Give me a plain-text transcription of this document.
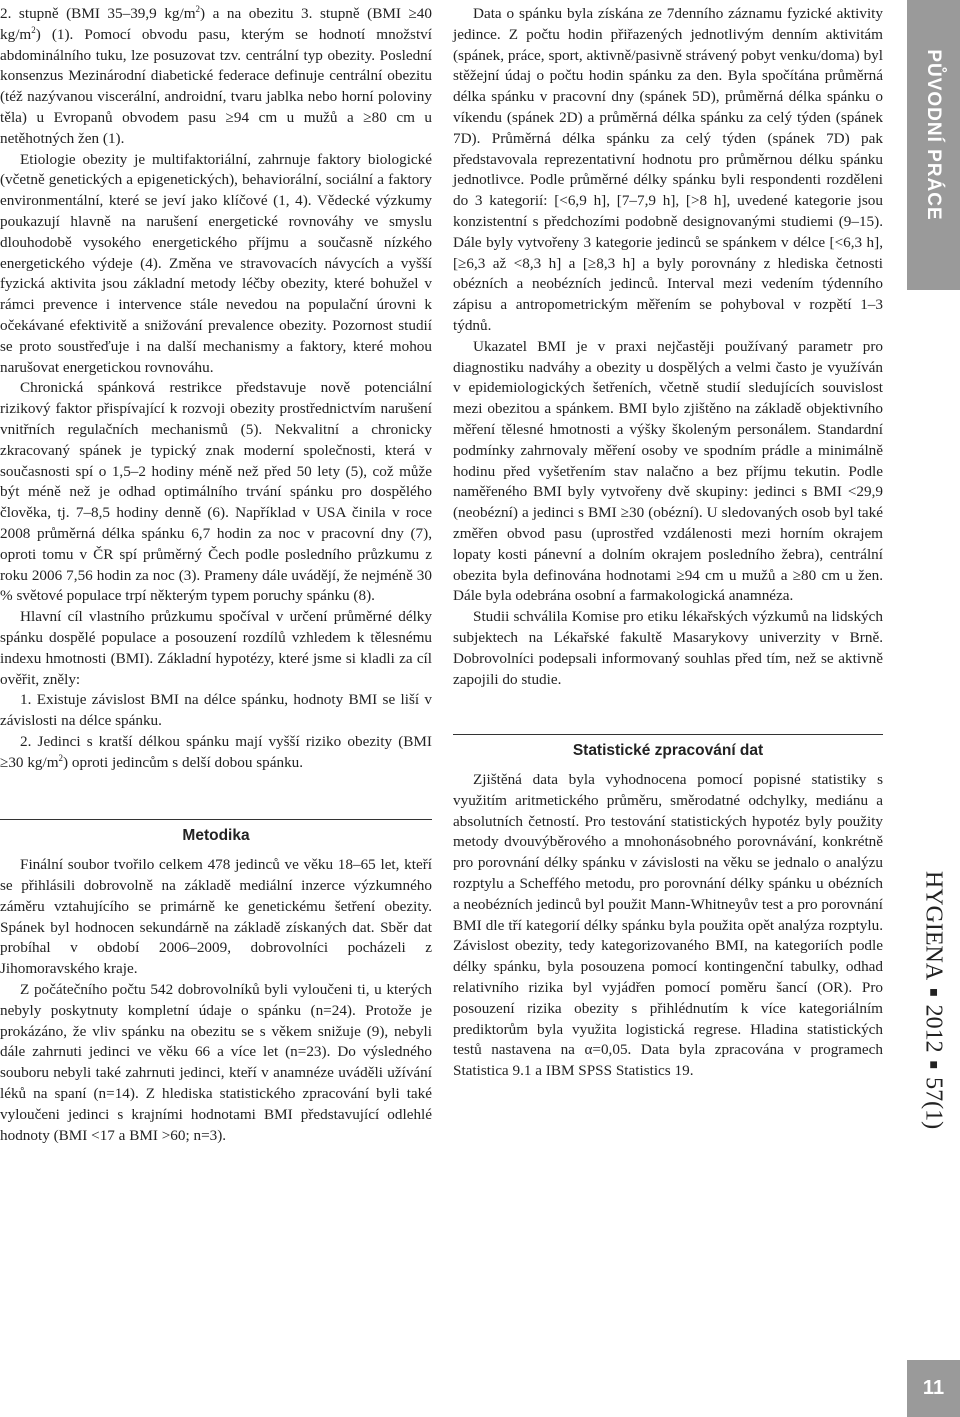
2. stupně (BMI 35–39,9 $kg/m^2$) a na obezitu 3. stupně (BMI ≥40 $kg/m^2$) (1). Pomocí obvodu pasu, kterým se hodnotí množství abdominálního tuku, lze posuzovat tzv. centrální typ obezity. Poslední konsenzus Mezinárodní diabetické federace definuje centrální obezitu (též nazývanou viscerální, androidní, tvaru jablka nebo horní poloviny těla) u Evropanů obvodem pasu ≥94 cm u mužů a ≥80 cm u netěhotných žen (1).

Etiologie obezity je multifaktoriální, zahrnuje faktory biologické (včetně genetických a epigenetických), behaviorální, sociální a faktory environmentální, které se jeví jako klíčové (1, 4). Vědecké výzkumy poukazují hlavně na narušení energetické rovnováhy ve smyslu dlouhodobě vysokého energetického příjmu a současně nízkého energetického výdeje (4). Změna ve stravovacích návycích a vyšší fyzická aktivita jsou základní metody léčby obezity, které bohužel v rámci prevence i intervence stále nevedou na populační úrovni k očekávané efektivitě a snižování prevalence obezity. Pozornost studií se proto soustřeďuje i na další mechanismy a faktory, které mohou narušovat energetickou rovnováhu.

Chronická spánková restrikce představuje nově potenciální rizikový faktor přispívající k rozvoji obezity prostřednictvím narušení vnitřních regulačních mechanismů (5). Nekvalitní a chronicky zkracovaný spánek je typický znak moderní společnosti, která v současnosti spí o 1,5–2 hodiny méně než před 50 lety (5), což může být méně než je odhad optimálního trvání spánku pro dospělého člověka, tj. 7–8,5 hodiny denně (6). Například v USA činila v roce 2008 průměrná délka spánku 6,7 hodin za noc v pracovní dny (7), oproti tomu v ČR spí průměrný Čech podle posledního průzkumu z roku 2006 7,56 hodin za noc (3). Prameny dále uvádějí, že nejméně 30 % světové populace trpí některým typem poruchy spánku (8).

Hlavní cíl vlastního průzkumu spočíval v určení průměrné délky spánku dospělé populace a posouzení rozdílů vzhledem k tělesnému indexu hmotnosti (BMI). Základní hypotézy, které jsme si kladli za cíl ověřit, zněly:

1. Existuje závislost BMI na délce spánku, hodnoty BMI se liší v závislosti na délce spánku.

2. Jedinci s kratší délkou spánku mají vyšší riziko obezity (BMI ≥30 $kg/m^2$) oproti jedincům s delší dobou spánku.

Metodika

Finální soubor tvořilo celkem 478 jedinců ve věku 18–65 let, kteří se přihlásili dobrovolně na základě mediální inzerce výzkumného záměru vztahujícího se primárně ke genetickému šetření obezity. Spánek byl hodnocen sekundárně na základě získaných dat. Sběr dat probíhal v období 2006–2009, dobrovolníci pocházeli z Jihomoravského kraje.

Z počátečního počtu 542 dobrovolníků byli vyloučeni ti, u kterých nebyly poskytnuty kompletní údaje o spánku (n=24). Protože je prokázáno, že vliv spánku na obezitu se s věkem snižuje (9), nebyli dále zahrnuti jedinci ve věku 66 a více let (n=23). Do výsledného souboru nebyli také zahrnuti jedinci, kteří v anamnéze uváděli užívání léků na spaní (n=14). Z hlediska statistického zpracování byli také vyloučeni jedinci s krajními hodnotami BMI představující odlehlé hodnoty (BMI <17 a BMI >60; n=3).

Data o spánku byla získána ze 7denního záznamu fyzické aktivity jedince. Z počtu hodin přiřazených jednotlivým denním aktivitám (spánek, práce, sport, aktivně/pasivně strávený pobyt venku/doma) byl stěžejní údaj o počtu hodin spánku za den. Byla spočítána průměrná délka spánku v pracovní dny (spánek 5D), průměrná délka spánku o víkendu (spánek 2D) a průměrná délka spánku za celý týden (spánek 7D). Průměrná délka spánku za celý týden (spánek 7D) pak představovala reprezentativní hodnotu pro průměrnou délku spánku jednotlivce. Podle průměrné délky spánku byli respondenti rozděleni do 3 kategorií: [<6,9 h], [7–7,9 h], [>8 h], uvedené kategorie jsou konzistentní s předchozími podobně designovanými studiemi (9–15). Dále byly vytvořeny 3 kategorie jedinců se spánkem v délce [<6,3 h], [≥6,3 až <8,3 h] a [≥8,3 h] a byly porovnány z hlediska četnosti obézních a neobézních jedinců. Interval mezi vedením týdenního zápisu a antropometrickým měřením se pohyboval v rozpětí 1–3 týdnů.

Ukazatel BMI je v praxi nejčastěji používaný parametr pro diagnostiku nadváhy a obezity u dospělých a velmi často je využíván v epidemiologických šetřeních, včetně studií sledujících souvislost mezi obezitou a spánkem. BMI bylo zjištěno na základě objektivního měření tělesné hmotnosti a výšky školeným personálem. Standardní podmínky zahrnovaly měření osoby ve spodním prádle a minimálně hodinu před vyšetřením stav nalačno a bez příjmu tekutin. Podle naměřeného BMI byly vytvořeny dvě skupiny: jedinci s BMI <29,9 (neobézní) a jedinci s BMI ≥30 (obézní). U sledovaných osob byl také změřen obvod pasu (uprostřed vzdálenosti mezi horním okrajem lopaty kosti pánevní a dolním okrajem posledního žebra), centrální obezita byla definována hodnotami ≥94 cm u mužů a ≥80 cm u žen. Dále byla odebrána osobní a farmakologická anamnéza.

Studii schválila Komise pro etiku lékařských výzkumů na lidských subjektech na Lékařské fakultě Masarykovy univerzity v Brně. Dobrovolníci podepsali informovaný souhlas před tím, než se aktivně zapojili do studie.

Statistické zpracování dat

Zjištěná data byla vyhodnocena pomocí popisné statistiky s využitím aritmetického průměru, směrodatné odchylky, mediánu a absolutních četností. Pro testování statistických hypotéz byly použity metody dvouvýběrového a mnohonásobného porovnávání, konkrétně pro porovnání délky spánku v závislosti na věku se jednalo o analýzu rozptylu a Scheffého metodu, pro porovnání délky spánku u obézních a neobézních jedinců byl použit Mann-Whitneyův test a pro porovnání BMI dle tří kategorií délky spánku byla použita opět analýza rozptylu. Závislost obezity, tedy kategorizovaného BMI, na kategoriích podle délky spánku, byla posouzena pomocí kontingenční tabulky, odhad relativního rizika byl vyjádřen pomocí poměru šancí (OR). Pro posouzení rizika obezity s přihlédnutím k více kategoriálním prediktorům byla využita logistická regrese. Hladina statistických testů nastavena na α=0,05. Data byla zpracována v programech Statistica 9.1 a IBM SPSS Statistics 19.

PŮVODNÍ PRÁCE
HYGIENA■2012■57(1)
11
